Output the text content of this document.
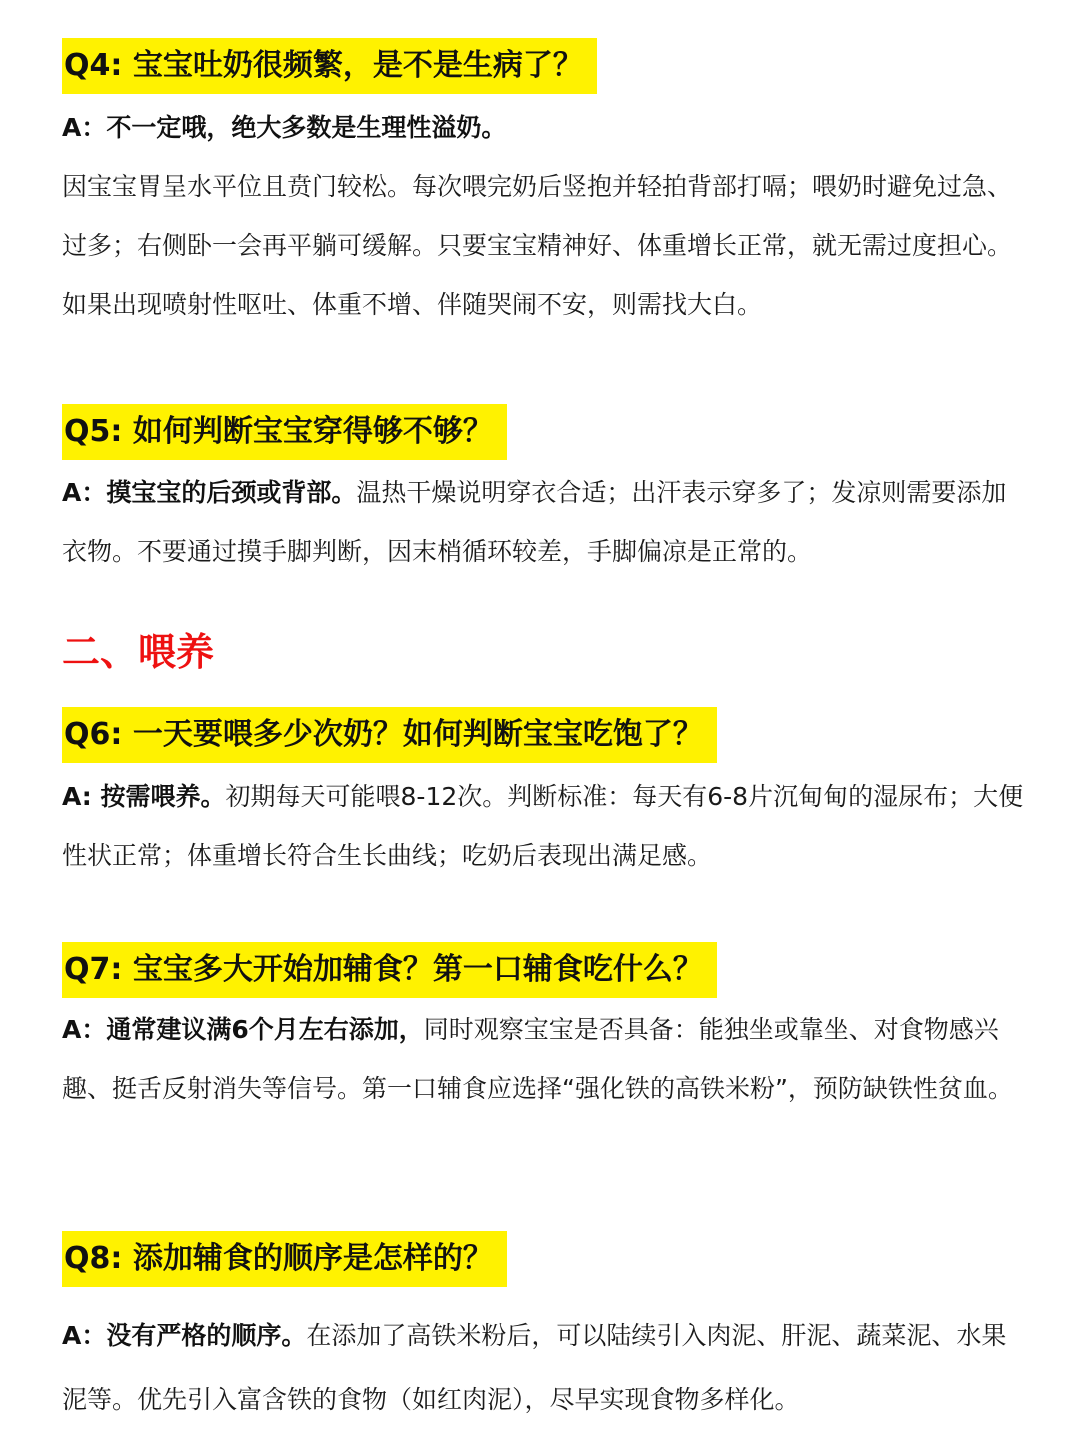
Q4: 宝宝吐奶很频繁，是不是生病了？

A：不一定哦，绝大多数是生理性溢奶。

因宝宝胃呈水平位且贲门较松。每次喂完奶后竖抱并轻拍背部打嗝；喂奶时避免过急、过多；右侧卧一会再平躺可缓解。只要宝宝精神好、体重增长正常，就无需过度担心。如果出现喷射性呕吐、体重不增、伴随哭闹不安，则需找大白。

Q5: 如何判断宝宝穿得够不够？

A：摸宝宝的后颈或背部。温热干燥说明穿衣合适；出汗表示穿多了；发凉则需要添加衣物。不要通过摸手脚判断，因末梢循环较差，手脚偏凉是正常的。

二、喂养
Q6: 一天要喂多少次奶？如何判断宝宝吃饱了？

A: 按需喂养。初期每天可能喂8-12次。判断标准：每天有6-8片沉甸甸的湿尿布；大便性状正常；体重增长符合生长曲线；吃奶后表现出满足感。

Q7: 宝宝多大开始加辅食？第一口辅食吃什么？

A：通常建议满6个月左右添加，同时观察宝宝是否具备：能独坐或靠坐、对食物感兴趣、挺舌反射消失等信号。第一口辅食应选择“强化铁的高铁米粉”，预防缺铁性贫血。

Q8: 添加辅食的顺序是怎样的？

A：没有严格的顺序。在添加了高铁米粉后，可以陆续引入肉泥、肝泥、蔬菜泥、水果泥等。优先引入富含铁的食物（如红肉泥），尽早实现食物多样化。
